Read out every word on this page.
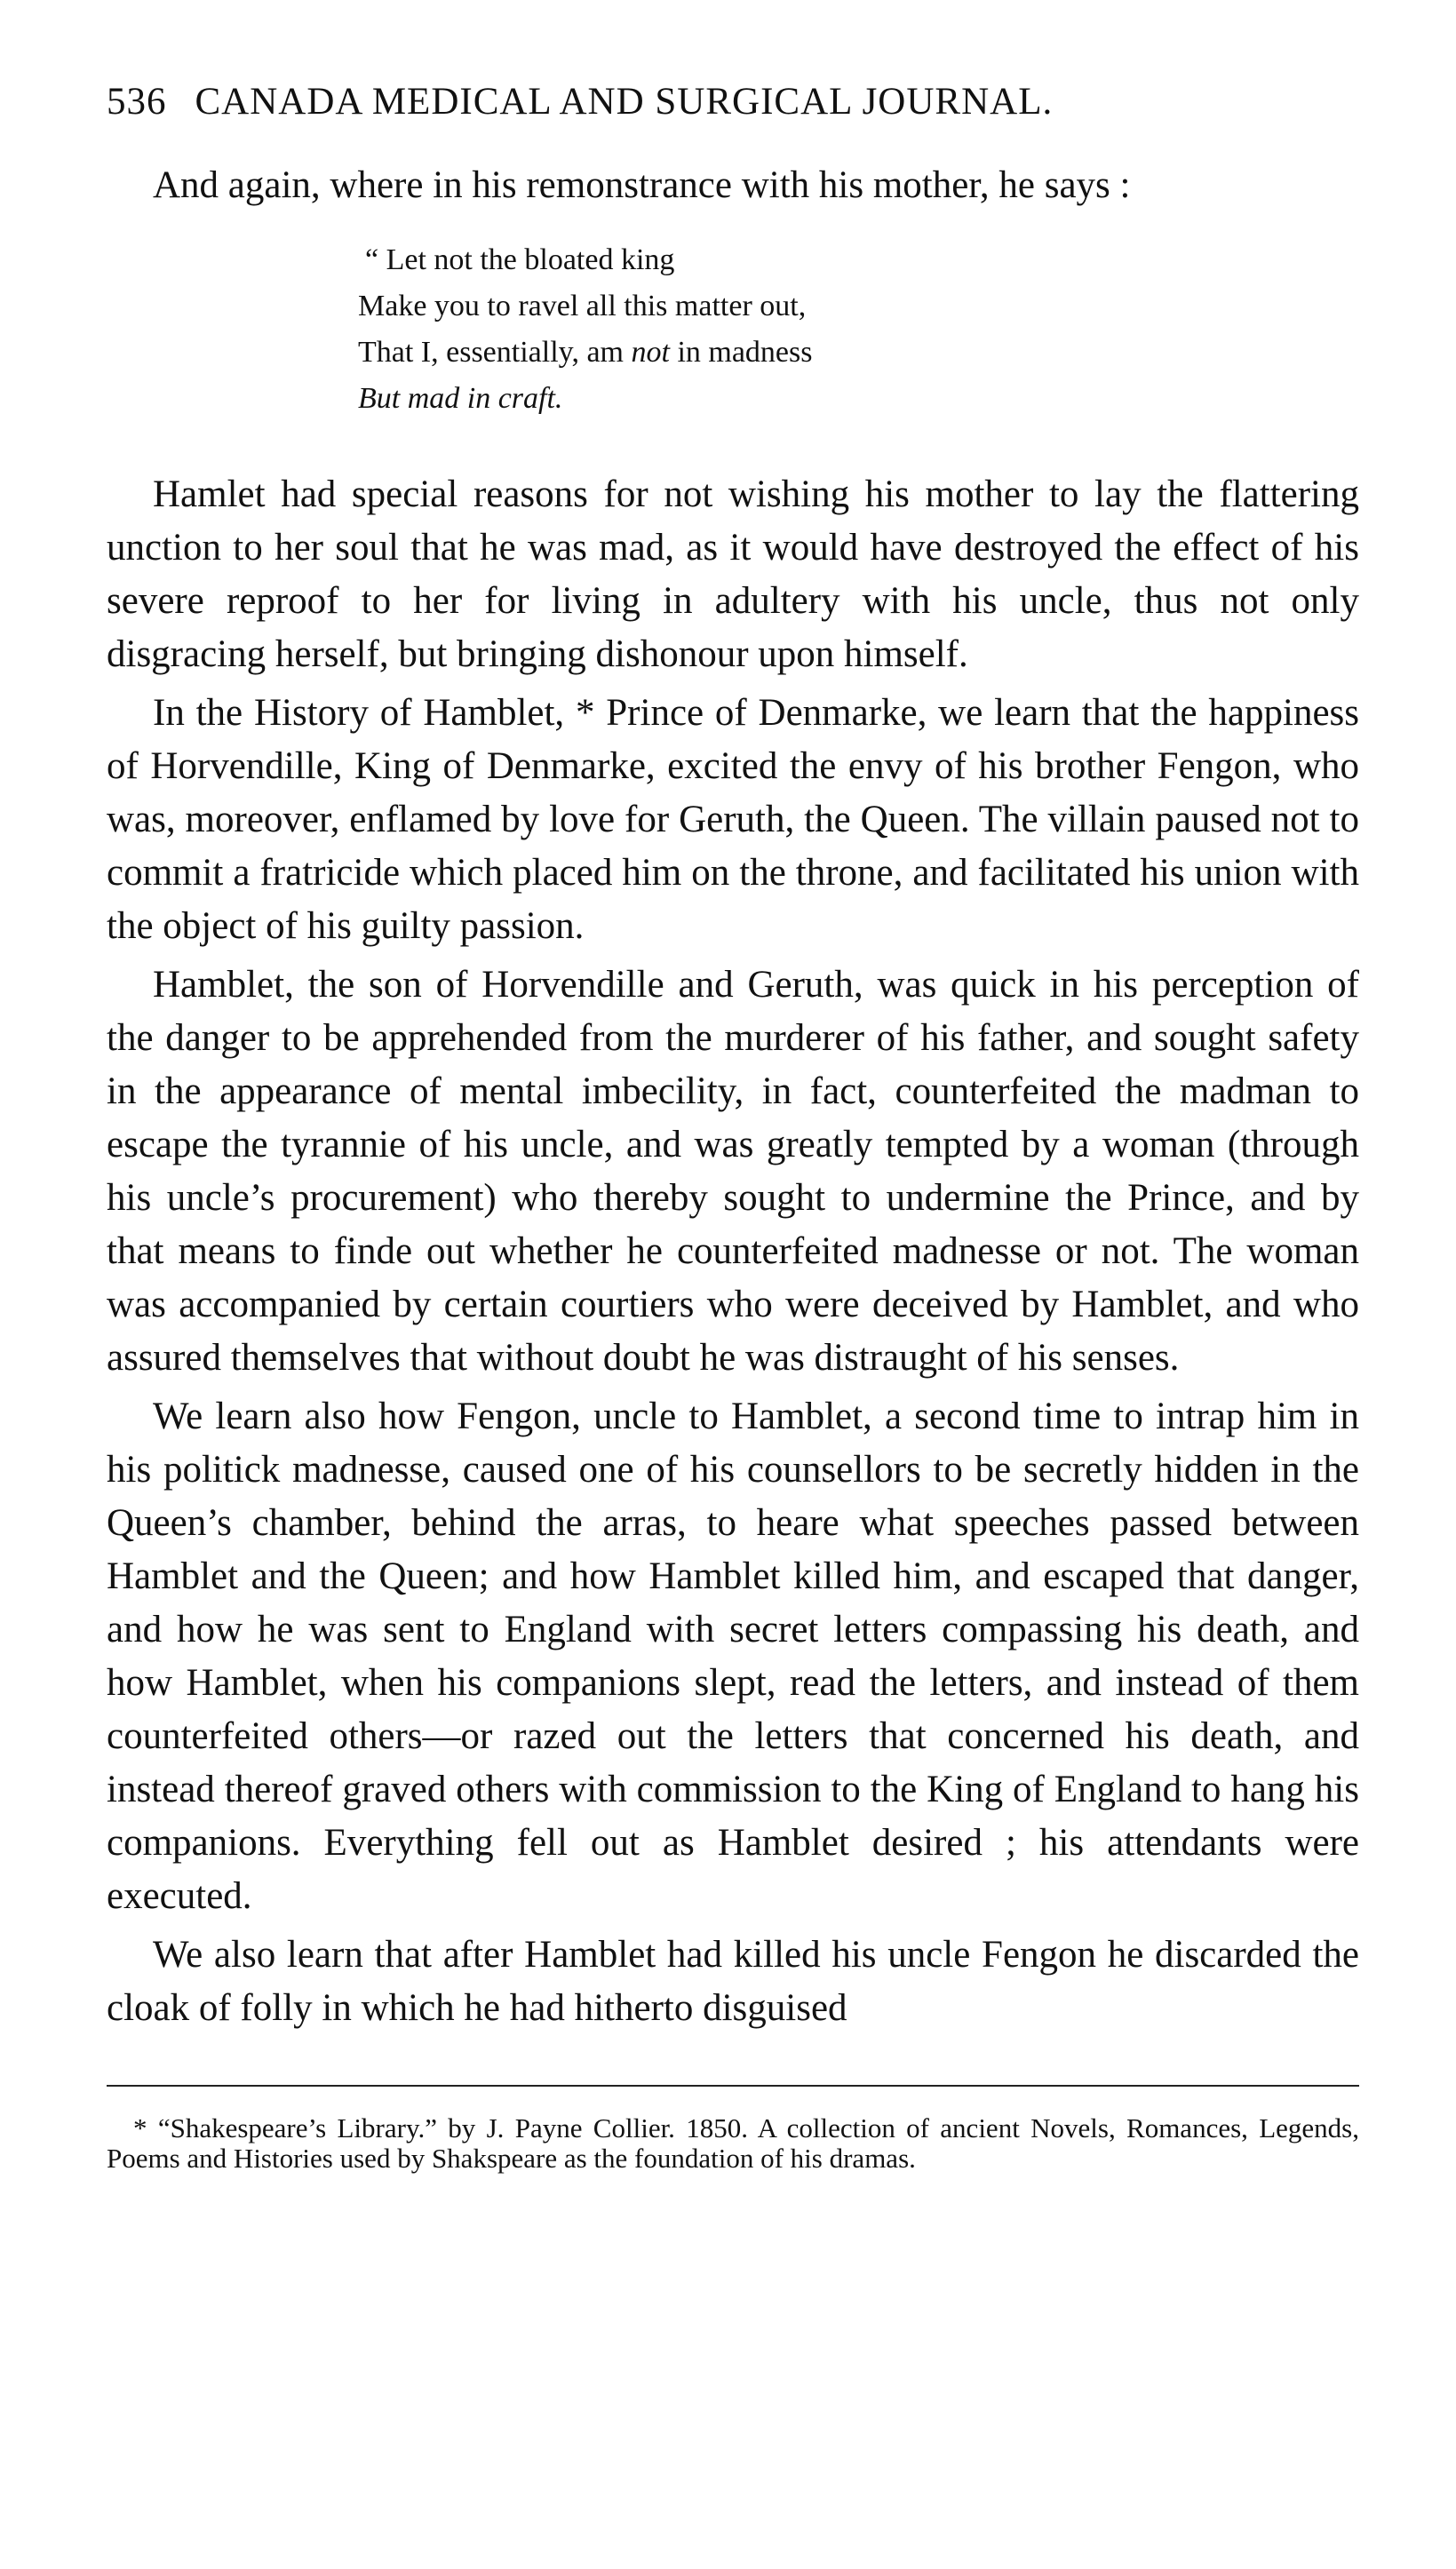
536 CANADA MEDICAL AND SURGICAL JOURNAL.

And again, where in his remonstrance with his mother, he says :

“ Let not the bloated king
Make you to ravel all this matter out,
That I, essentially, am not in madness
But mad in craft.

Hamlet had special reasons for not wishing his mother to lay the flattering unction to her soul that he was mad, as it would have destroyed the effect of his severe reproof to her for living in adultery with his uncle, thus not only disgracing herself, but bringing dishonour upon himself.

In the History of Hamblet, * Prince of Denmarke, we learn that the happiness of Horvendille, King of Denmarke, excited the envy of his brother Fengon, who was, moreover, enflamed by love for Geruth, the Queen. The villain paused not to commit a fratricide which placed him on the throne, and facilitated his union with the object of his guilty passion.

Hamblet, the son of Horvendille and Geruth, was quick in his perception of the danger to be apprehended from the murderer of his father, and sought safety in the appearance of mental imbecility, in fact, counterfeited the madman to escape the tyrannie of his uncle, and was greatly tempted by a woman (through his uncle’s procurement) who thereby sought to undermine the Prince, and by that means to finde out whether he counterfeited madnesse or not. The woman was accompanied by certain courtiers who were deceived by Hamblet, and who assured themselves that without doubt he was distraught of his senses.

We learn also how Fengon, uncle to Hamblet, a second time to intrap him in his politick madnesse, caused one of his counsellors to be secretly hidden in the Queen’s chamber, behind the arras, to heare what speeches passed between Hamblet and the Queen; and how Hamblet killed him, and escaped that danger, and how he was sent to England with secret letters compassing his death, and how Hamblet, when his companions slept, read the letters, and instead of them counterfeited others—or razed out the letters that concerned his death, and instead thereof graved others with commission to the King of England to hang his companions. Everything fell out as Hamblet desired ; his attendants were executed.

We also learn that after Hamblet had killed his uncle Fengon he discarded the cloak of folly in which he had hitherto disguised

* “Shakespeare’s Library.” by J. Payne Collier. 1850. A collection of ancient Novels, Romances, Legends, Poems and Histories used by Shakspeare as the foundation of his dramas.
